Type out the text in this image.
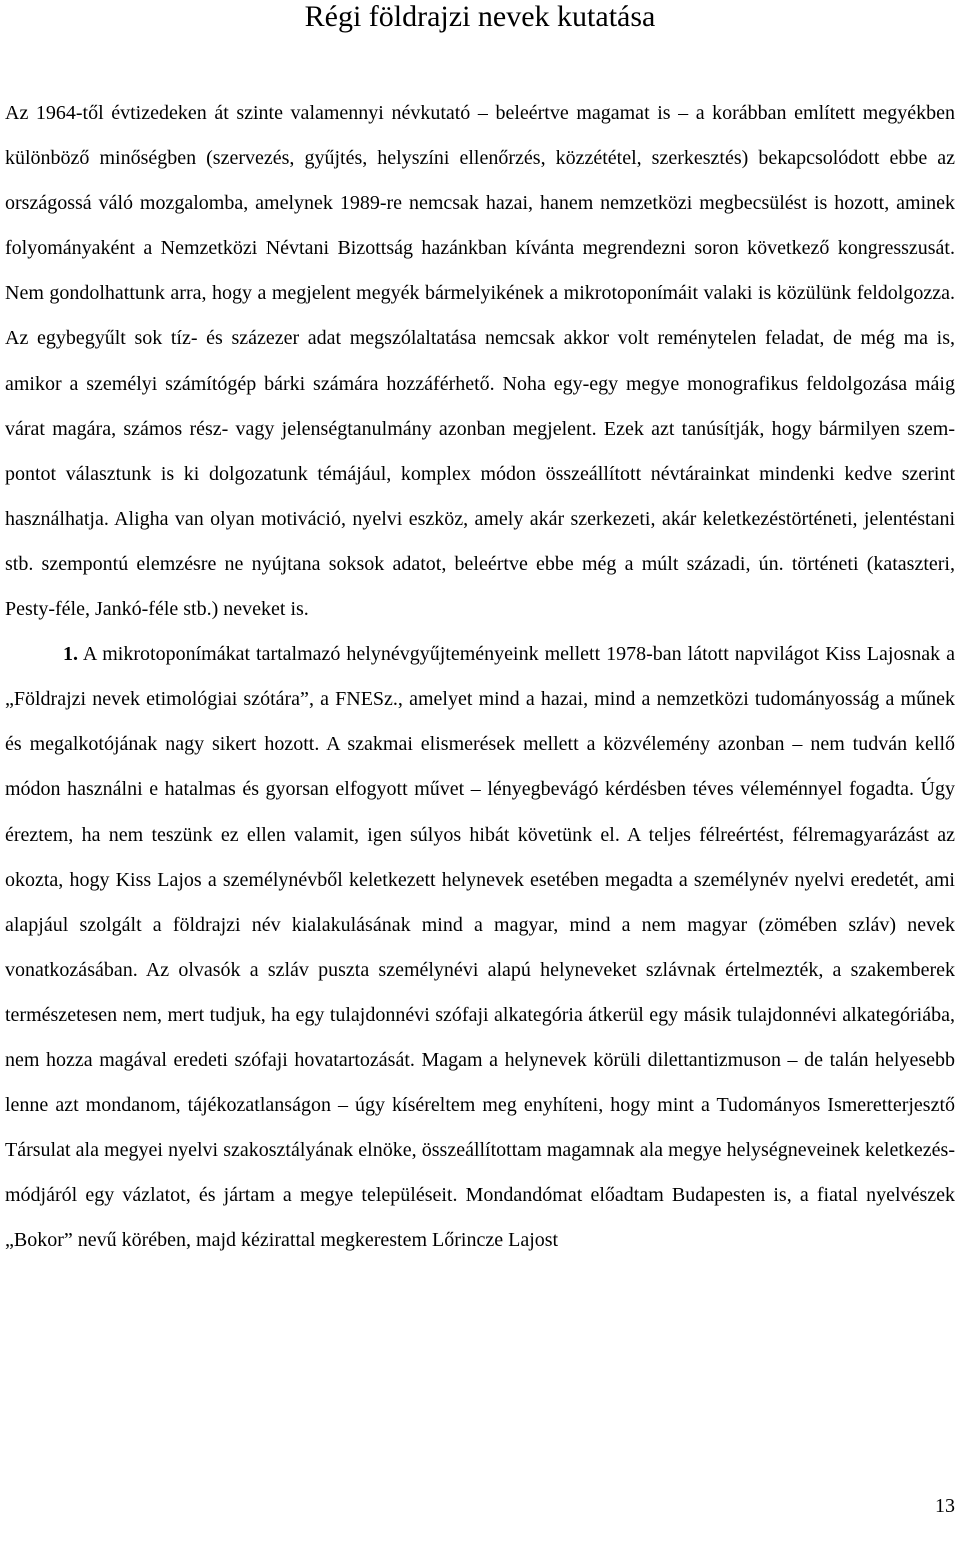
Régi földrajzi nevek kutatása

Az 1964-től évtizedeken át szinte valamennyi névkutató – beleértve magamat is – a korábban említett megyékben különböző minőségben (szervezés, gyűjtés, helyszíni ellenőrzés, közzététel, szerkesztés) bekapcsolódott ebbe az országossá váló mozgalomba, amelynek 1989-re nemcsak hazai, hanem nemzetközi megbecsülést is hozott, aminek folyományaként a Nemzetközi Névtani Bizottság hazánkban kívánta megrendezni soron következő kongresszusát. Nem gondolhattunk arra, hogy a megjelent megyék bármelyikének a mikrotoponímáit valaki is közülünk feldolgozza. Az egybegyűlt sok tíz- és százezer adat megszólaltatása nemcsak akkor volt reménytelen feladat, de még ma is, amikor a személyi számítógép bárki számára hozzáférhető. Noha egy-egy megye monografikus feldolgozása máig várat magára, számos rész- vagy jelenségtanulmány azonban megjelent. Ezek azt tanúsítják, hogy bármilyen szempontot választunk is ki dolgozatunk témájául, komplex módon összeállított névtárainkat mindenki kedve szerint használhatja. Aligha van olyan motiváció, nyelvi eszköz, amely akár szerkezeti, akár keletkezéstörténeti, jelentéstani stb. szempontú elemzésre ne nyújtana soksok adatot, beleértve ebbe még a múlt századi, ún. történeti (kataszteri, Pesty-féle, Jankó-féle stb.) neveket is.

1. A mikrotoponímákat tartalmazó helynévgyűjteményeink mellett 1978-ban látott napvilágot Kiss Lajosnak a „Földrajzi nevek etimológiai szótára”, a FNESz., amelyet mind a hazai, mind a nemzetközi tudományosság a műnek és megalkotójának nagy sikert hozott. A szakmai elismerések mellett a közvélemény azonban – nem tudván kellő módon használni e hatalmas és gyorsan elfogyott művet – lényegbevágó kérdésben téves véleménnyel fogadta. Úgy éreztem, ha nem teszünk ez ellen valamit, igen súlyos hibát követünk el. A teljes félreértést, félremagyarázást az okozta, hogy Kiss Lajos a személynévből keletkezett helynevek esetében megadta a személynév nyelvi eredetét, ami alapjául szolgált a földrajzi név kialakulásának mind a magyar, mind a nem magyar (zömében szláv) nevek vonatkozásában. Az olvasók a szláv puszta személynévi alapú helyneveket szlávnak értelmezték, a szakemberek természetesen nem, mert tudjuk, ha egy tulajdonnévi szófaji alkategória átkerül egy másik tulajdonnévi alkategóriába, nem hozza magával eredeti szófaji hovatartozását. Magam a helynevek körüli dilettantizmuson – de talán helyesebb lenne azt mondanom, tájékozatlanságon – úgy kíséreltem meg enyhíteni, hogy mint a Tudományos Ismeretterjesztő Társulat ala megyei nyelvi szakosztályának elnöke, összeállítottam magamnak ala megye helységneveinek keletkezésmódjáról egy vázlatot, és jártam a megye településeit. Mondandómat előadtam Budapesten is, a fiatal nyelvészek „Bokor” nevű körében, majd kézirattal megkerestem Lőrincze Lajost

13
